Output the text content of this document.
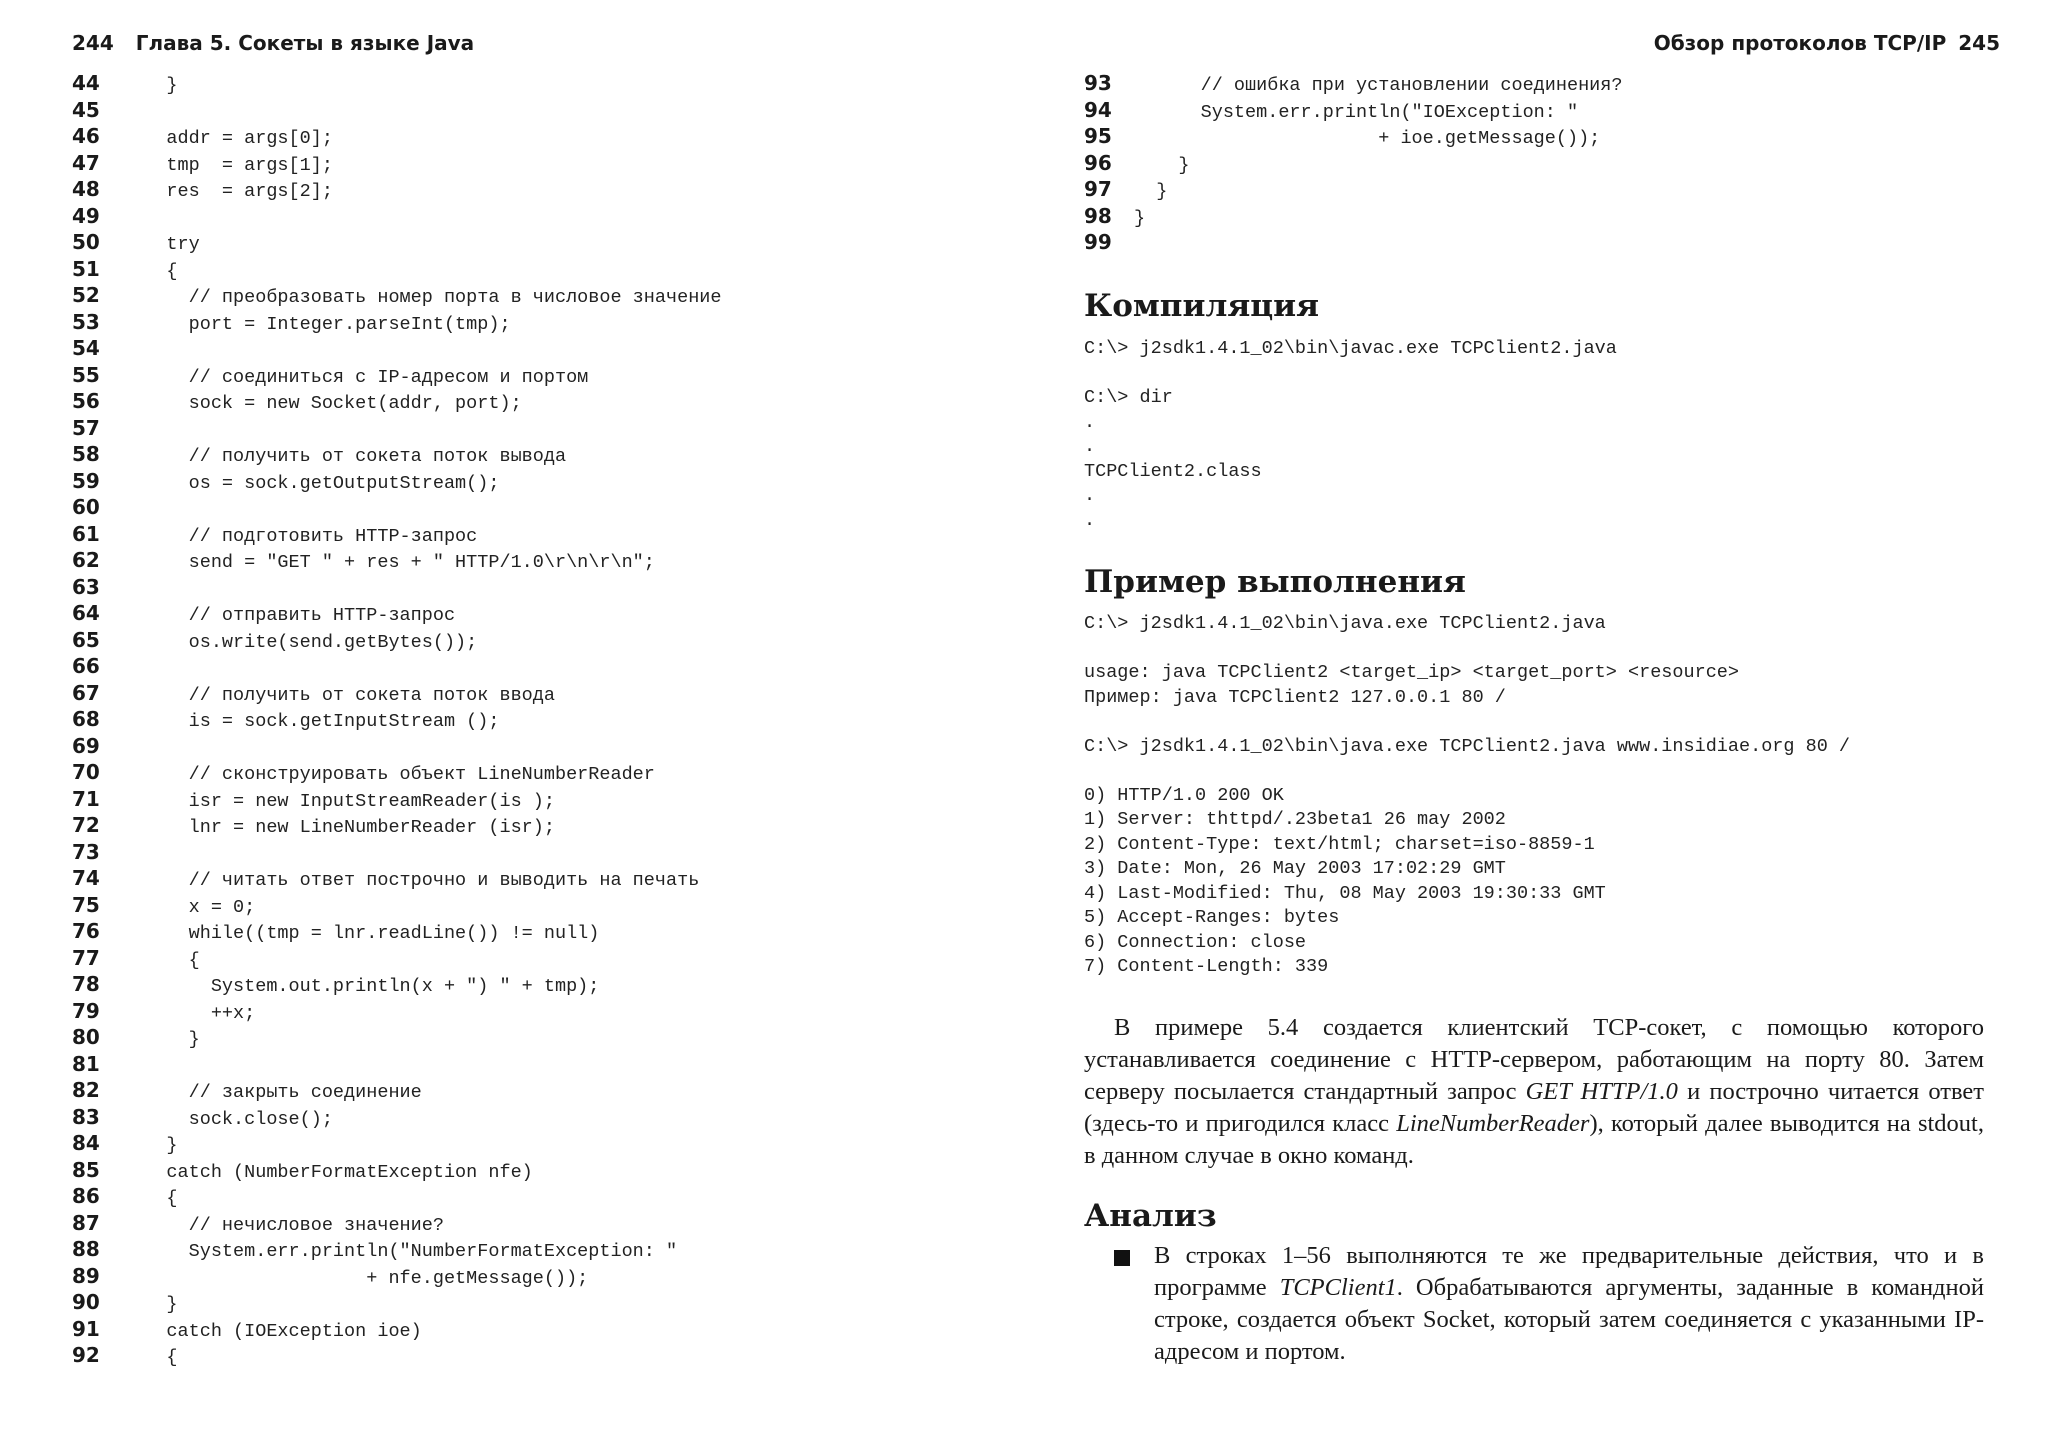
244 Глава 5. Сокеты в языке Java
44    }
45
46    addr = args[0];
47    tmp  = args[1];
48    res  = args[2];
49
50    try
51    {
52      // преобразовать номер порта в числовое значение
53      port = Integer.parseInt(tmp);
54
55      // соединиться с IP-адресом и портом
56      sock = new Socket(addr, port);
57
58      // получить от сокета поток вывода
59      os = sock.getOutputStream();
60
61      // подготовить HTTP-запрос
62      send = "GET " + res + " HTTP/1.0\r\n\r\n";
63
64      // отправить HTTP-запрос
65      os.write(send.getBytes());
66
67      // получить от сокета поток ввода
68      is = sock.getInputStream ();
69
70      // сконструировать объект LineNumberReader
71      isr = new InputStreamReader(is );
72      lnr = new LineNumberReader (isr);
73
74      // читать ответ построчно и выводить на печать
75      x = 0;
76      while((tmp = lnr.readLine()) != null)
77      {
78        System.out.println(x + ") " + tmp);
79        ++x;
80      }
81
82      // закрыть соединение
83      sock.close();
84    }
85    catch (NumberFormatException nfe)
86    {
87      // нечисловое значение?
88      System.err.println("NumberFormatException: "
89                      + nfe.getMessage());
90    }
91    catch (IOException ioe)
92    {
Обзор протоколов TCP/IP 245
93      // ошибка при установлении соединения?
94      System.err.println("IOException: "
95                      + ioe.getMessage());
96    }
97  }
98 }
99
Компиляция
C:\> j2sdk1.4.1_02\bin\javac.exe TCPClient2.java
C:\> dir
.
.
TCPClient2.class
.
.
Пример выполнения
C:\> j2sdk1.4.1_02\bin\java.exe TCPClient2.java
usage: java TCPClient2 <target_ip> <target_port> <resource>
Пример: java TCPClient2 127.0.0.1 80 /
C:\> j2sdk1.4.1_02\bin\java.exe TCPClient2.java www.insidiae.org 80 /
0) HTTP/1.0 200 OK
1) Server: thttpd/.23beta1 26 may 2002
2) Content-Type: text/html; charset=iso-8859-1
3) Date: Mon, 26 May 2003 17:02:29 GMT
4) Last-Modified: Thu, 08 May 2003 19:30:33 GMT
5) Accept-Ranges: bytes
6) Connection: close
7) Content-Length: 339

В примере 5.4 создается клиентский TCP-сокет, с помощью которого устанавливается соединение с HTTP-сервером, работающим на порту 80. Затем серверу посылается стандартный запрос GET HTTP/1.0 и построчно читается ответ (здесь-то и пригодился класс LineNumberReader), который далее выводится на stdout, в данном случае в окно команд.

Анализ

В строках 1–56 выполняются те же предварительные действия, что и в программе TCPClient1. Обрабатываются аргументы, заданные в командной строке, создается объект Socket, который затем соединяется с указанными IP-адресом и портом.
